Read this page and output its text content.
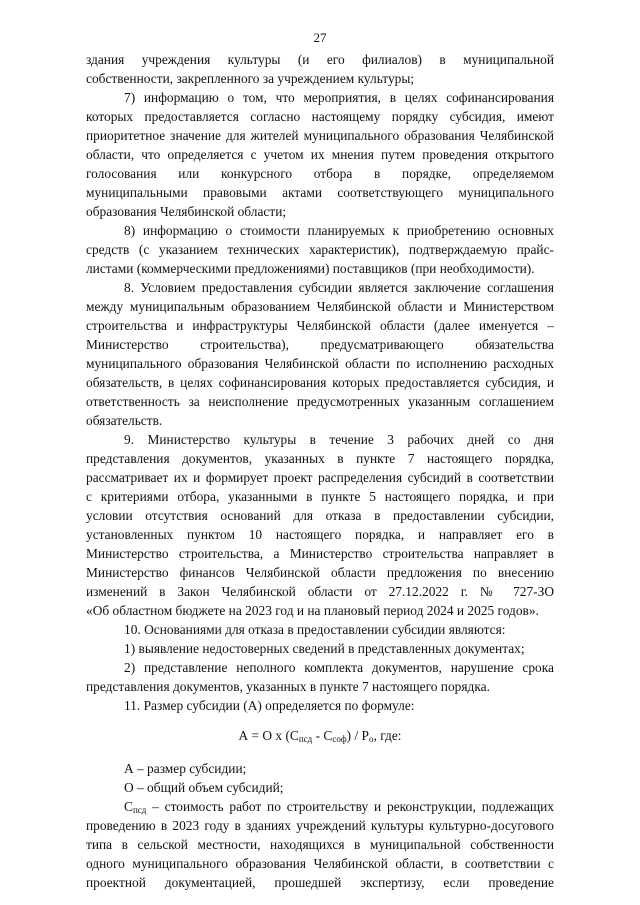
27
здания учреждения культуры (и его филиалов) в муниципальной
собственности, закрепленного за учреждением культуры;
7) информацию о том, что мероприятия, в целях софинансирования
которых предоставляется согласно настоящему порядку субсидия, имеют
приоритетное значение для жителей муниципального образования Челябинской
области, что определяется с учетом их мнения путем проведения открытого
голосования или конкурсного отбора в порядке, определяемом
муниципальными правовыми актами соответствующего муниципального
образования Челябинской области;
8) информацию о стоимости планируемых к приобретению основных
средств (с указанием технических характеристик), подтверждаемую прайс-
листами (коммерческими предложениями) поставщиков (при необходимости).
8. Условием предоставления субсидии является заключение соглашения
между муниципальным образованием Челябинской области и Министерством
строительства и инфраструктуры Челябинской области (далее именуется –
Министерство строительства), предусматривающего обязательства
муниципального образования Челябинской области по исполнению расходных
обязательств, в целях софинансирования которых предоставляется субсидия, и
ответственность за неисполнение предусмотренных указанным соглашением
обязательств.
9. Министерство культуры в течение 3 рабочих дней со дня
представления документов, указанных в пункте 7 настоящего порядка,
рассматривает их и формирует проект распределения субсидий в соответствии
с критериями отбора, указанными в пункте 5 настоящего порядка, и при
условии отсутствия оснований для отказа в предоставлении субсидии,
установленных пунктом 10 настоящего порядка, и направляет его в
Министерство строительства, а Министерство строительства направляет в
Министерство финансов Челябинской области предложения по внесению
изменений в Закон Челябинской области от 27.12.2022 г. № 727-ЗО
«Об областном бюджете на 2023 год и на плановый период 2024 и 2025 годов».
10. Основаниями для отказа в предоставлении субсидии являются:
1) выявление недостоверных сведений в представленных документах;
2) представление неполного комплекта документов, нарушение срока
представления документов, указанных в пункте 7 настоящего порядка.
11. Размер субсидии (А) определяется по формуле:
А = О х $(С_{псд} - С_{соф}) / Р_о$, где:
А – размер субсидии;
О – общий объем субсидий;
$С_{псд}$ – стоимость работ по строительству и реконструкции, подлежащих
проведению в 2023 году в зданиях учреждений культуры культурно-досугового
типа в сельской местности, находящихся в муниципальной собственности
одного муниципального образования Челябинской области, в соответствии с
проектной документацией, прошедшей экспертизу, если проведение
